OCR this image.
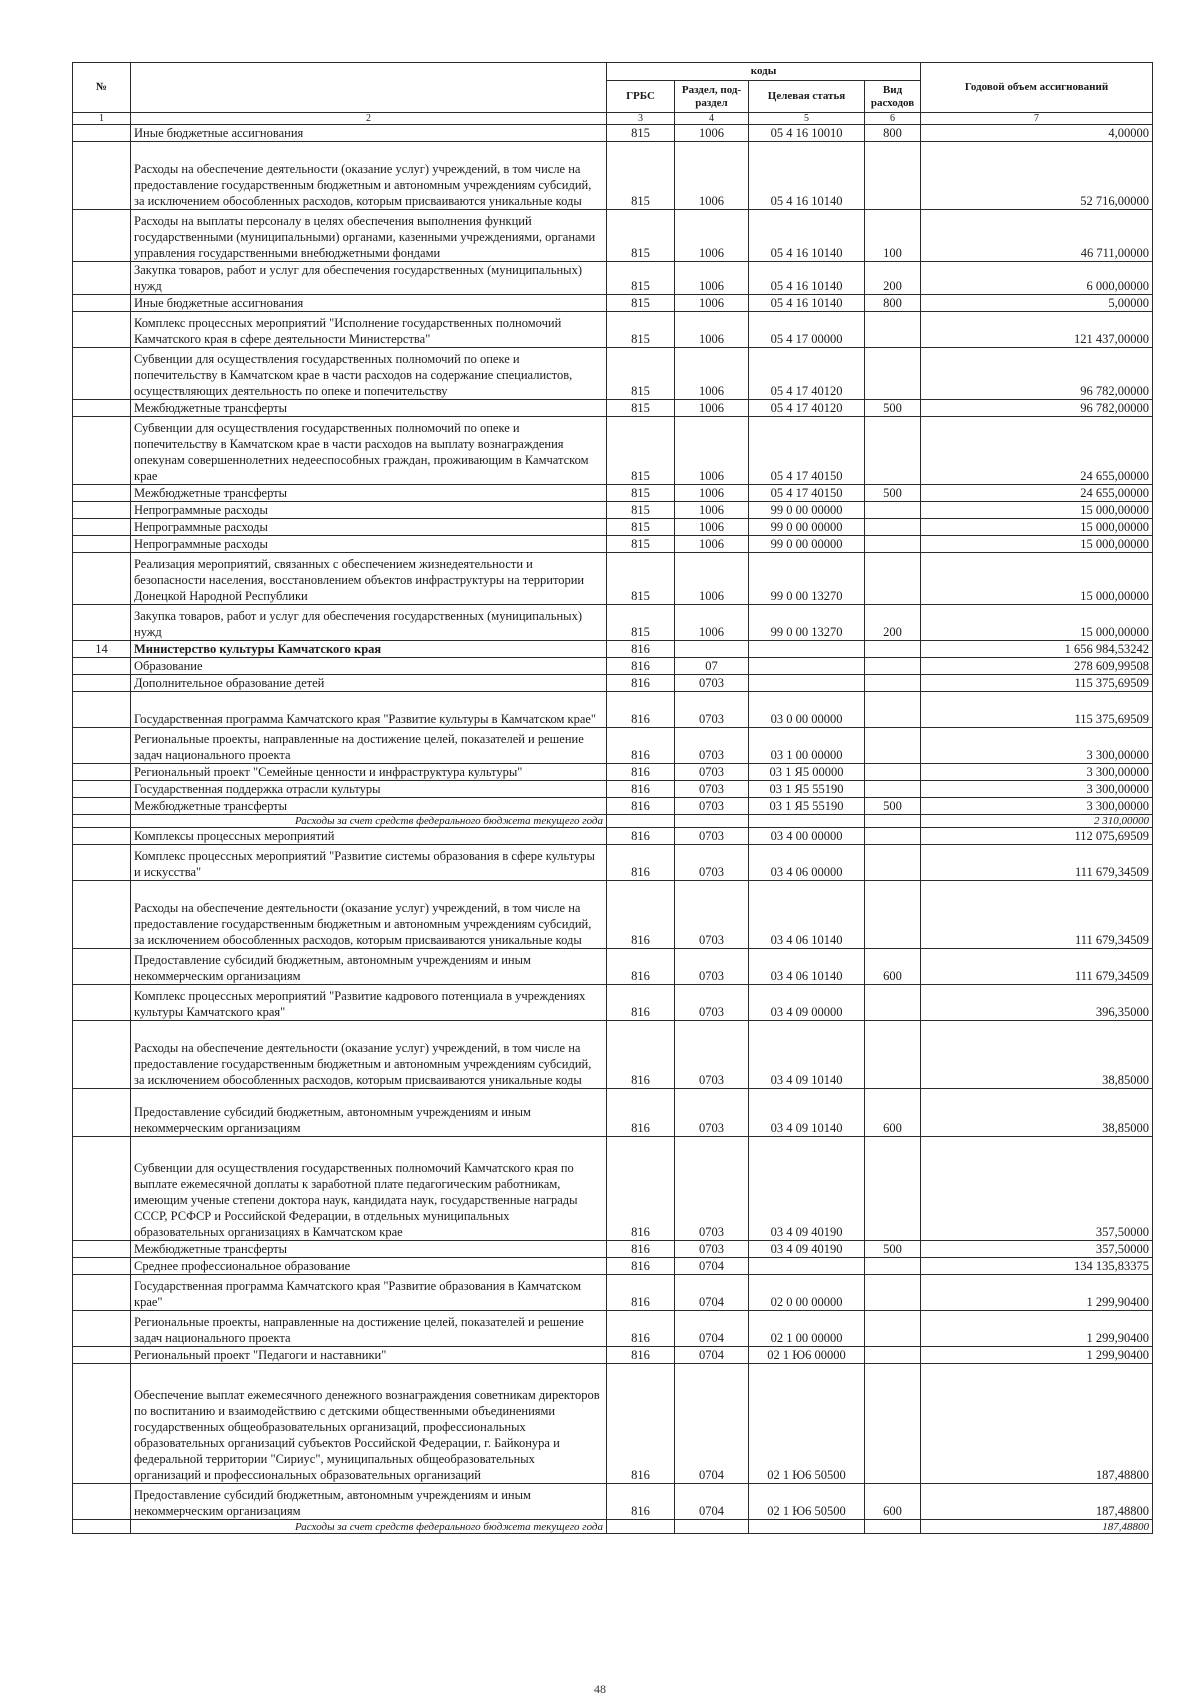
№		коды				Годовой объем ассигнований
		ГРБС	Раздел, под-раздел	Целевая статья	Вид расходов	
1	2	3	4	5	6	7
	Иные бюджетные ассигнования	815	1006	05 4 16 10010	800	4,00000
	Расходы на обеспечение деятельности (оказание услуг) учреждений, в том числе на предоставление государственным бюджетным и автономным учреждениям субсидий, за исключением обособленных расходов, которым присваиваются уникальные коды	815	1006	05 4 16 10140		52 716,00000
	Расходы на выплаты персоналу в целях обеспечения выполнения функций государственными (муниципальными) органами, казенными учреждениями, органами управления государственными внебюджетными фондами	815	1006	05 4 16 10140	100	46 711,00000
	Закупка товаров, работ и услуг для обеспечения государственных (муниципальных) нужд	815	1006	05 4 16 10140	200	6 000,00000
	Иные бюджетные ассигнования	815	1006	05 4 16 10140	800	5,00000
	Комплекс процессных мероприятий "Исполнение государственных полномочий Камчатского края в сфере деятельности Министерства"	815	1006	05 4 17 00000		121 437,00000
	Субвенции для осуществления государственных полномочий по опеке и попечительству в Камчатском крае в части расходов на содержание специалистов, осуществляющих деятельность по опеке и попечительству	815	1006	05 4 17 40120		96 782,00000
	Межбюджетные трансферты	815	1006	05 4 17 40120	500	96 782,00000
	Субвенции для осуществления государственных полномочий по опеке и попечительству в Камчатском крае в части расходов на выплату вознаграждения опекунам совершеннолетних недееспособных граждан, проживающим в Камчатском крае	815	1006	05 4 17 40150		24 655,00000
	Межбюджетные трансферты	815	1006	05 4 17 40150	500	24 655,00000
	Непрограммные расходы	815	1006	99 0 00 00000		15 000,00000
	Непрограммные расходы	815	1006	99 0 00 00000		15 000,00000
	Непрограммные расходы	815	1006	99 0 00 00000		15 000,00000
	Реализация мероприятий, связанных с обеспечением жизнедеятельности и безопасности населения, восстановлением объектов инфраструктуры на территории Донецкой Народной Республики	815	1006	99 0 00 13270		15 000,00000
	Закупка товаров, работ и услуг для обеспечения государственных (муниципальных) нужд	815	1006	99 0 00 13270	200	15 000,00000
14	Министерство культуры Камчатского края	816				1 656 984,53242
	Образование	816	07			278 609,99508
	Дополнительное образование детей	816	0703			115 375,69509
	Государственная программа Камчатского края "Развитие культуры в Камчатском крае"	816	0703	03 0 00 00000		115 375,69509
	Региональные проекты, направленные на достижение целей, показателей и решение задач национального проекта	816	0703	03 1 00 00000		3 300,00000
	Региональный проект "Семейные ценности и инфраструктура культуры"	816	0703	03 1 Я5 00000		3 300,00000
	Государственная поддержка отрасли культуры	816	0703	03 1 Я5 55190		3 300,00000
	Межбюджетные трансферты	816	0703	03 1 Я5 55190	500	3 300,00000
	Расходы за счет средств федерального бюджета текущего года					2 310,00000
	Комплексы процессных мероприятий	816	0703	03 4 00 00000		112 075,69509
	Комплекс процессных мероприятий "Развитие системы образования в сфере культуры и искусства"	816	0703	03 4 06 00000		111 679,34509
	Расходы на обеспечение деятельности (оказание услуг) учреждений, в том числе на предоставление государственным бюджетным и автономным учреждениям субсидий, за исключением обособленных расходов, которым присваиваются уникальные коды	816	0703	03 4 06 10140		111 679,34509
	Предоставление субсидий бюджетным, автономным учреждениям и иным некоммерческим организациям	816	0703	03 4 06 10140	600	111 679,34509
	Комплекс процессных мероприятий "Развитие кадрового потенциала в учреждениях культуры Камчатского края"	816	0703	03 4 09 00000		396,35000
	Расходы на обеспечение деятельности (оказание услуг) учреждений, в том числе на предоставление государственным бюджетным и автономным учреждениям субсидий, за исключением обособленных расходов, которым присваиваются уникальные коды	816	0703	03 4 09 10140		38,85000
	Предоставление субсидий бюджетным, автономным учреждениям и иным некоммерческим организациям	816	0703	03 4 09 10140	600	38,85000
	Субвенции для осуществления государственных полномочий Камчатского края по выплате ежемесячной доплаты к заработной плате педагогическим работникам, имеющим ученые степени доктора наук, кандидата наук, государственные награды СССР, РСФСР и Российской Федерации, в отдельных муниципальных образовательных организациях в Камчатском крае	816	0703	03 4 09 40190		357,50000
	Межбюджетные трансферты	816	0703	03 4 09 40190	500	357,50000
	Среднее профессиональное образование	816	0704			134 135,83375
	Государственная программа Камчатского края "Развитие образования в Камчатском крае"	816	0704	02 0 00 00000		1 299,90400
	Региональные проекты, направленные на достижение целей, показателей и решение задач национального проекта	816	0704	02 1 00 00000		1 299,90400
	Региональный проект "Педагоги и наставники"	816	0704	02 1 Ю6 00000		1 299,90400
	Обеспечение выплат ежемесячного денежного вознаграждения советникам директоров по воспитанию и взаимодействию с детскими общественными объединениями государственных общеобразовательных организаций, профессиональных образовательных организаций субъектов Российской Федерации, г. Байконура и федеральной территории "Сириус", муниципальных общеобразовательных организаций и профессиональных образовательных организаций	816	0704	02 1 Ю6 50500		187,48800
	Предоставление субсидий бюджетным, автономным учреждениям и иным некоммерческим организациям	816	0704	02 1 Ю6 50500	600	187,48800
	Расходы за счет средств федерального бюджета текущего года					187,48800
48
